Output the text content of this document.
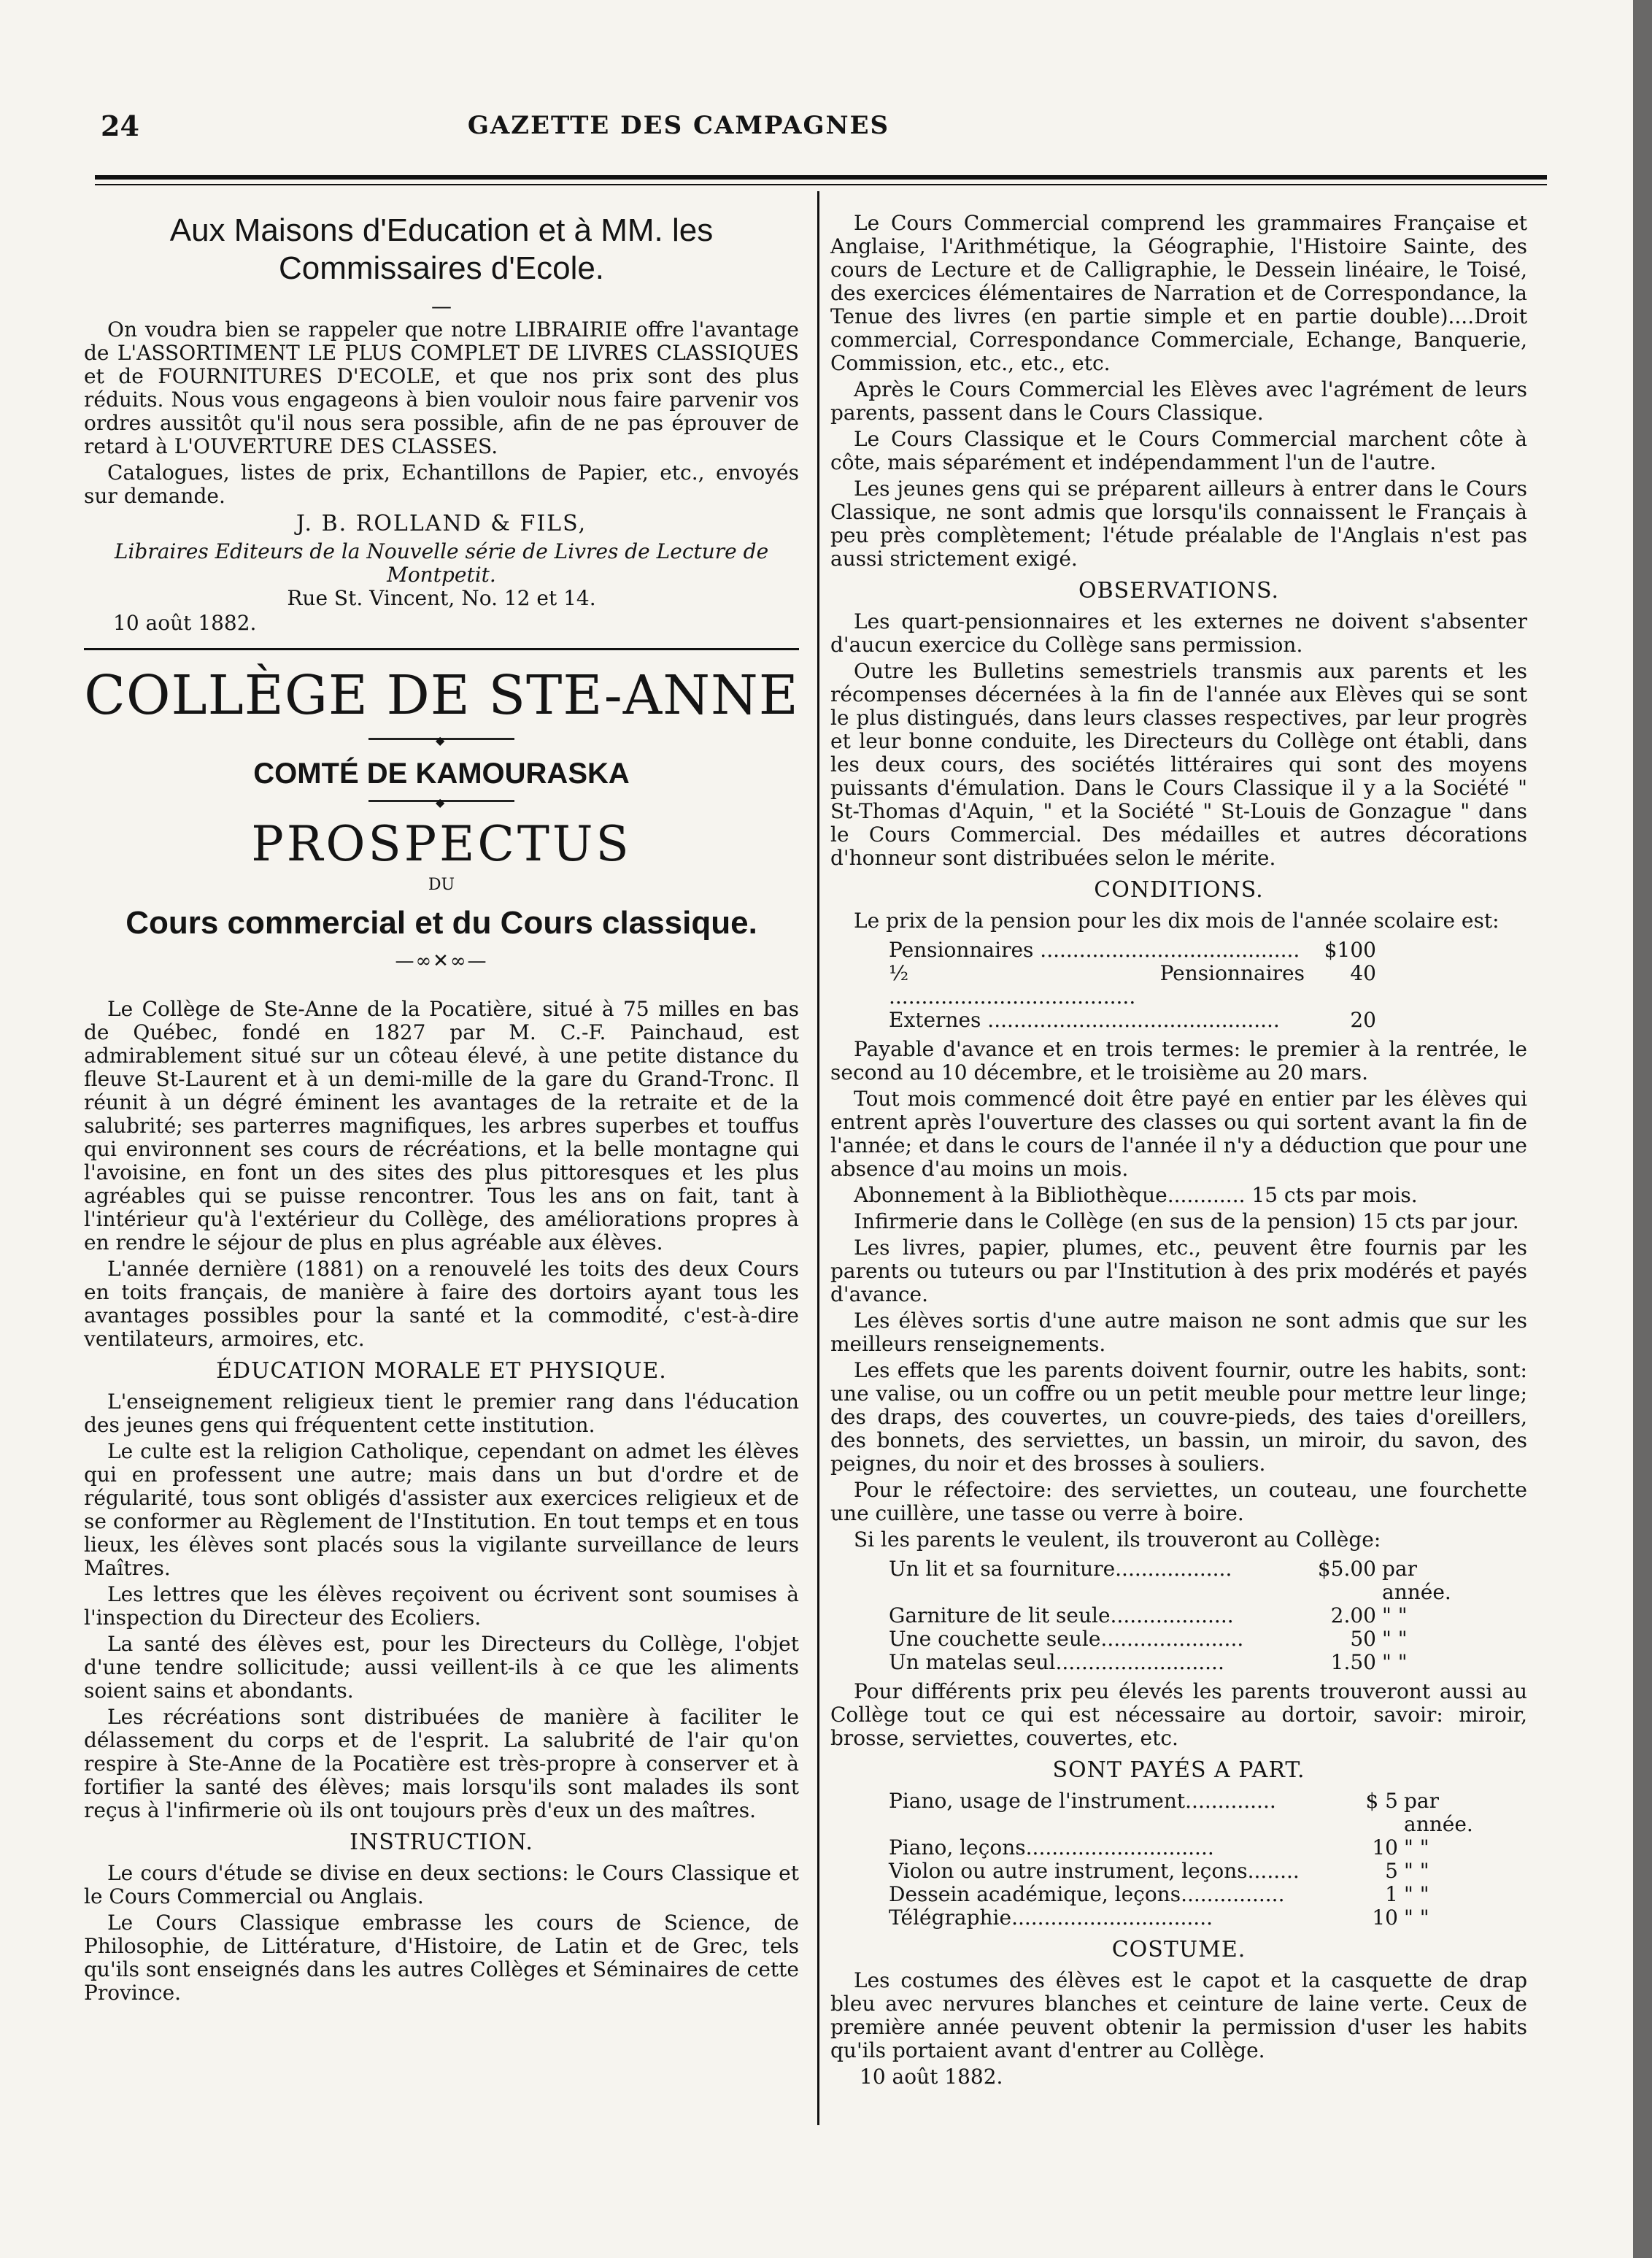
24	GAZETTE DES CAMPAGNES
Aux Maisons d'Education et à MM. les Commissaires d'Ecole.
—

On voudra bien se rappeler que notre LIBRAIRIE offre l'avantage de L'ASSORTIMENT LE PLUS COMPLET DE LIVRES CLASSIQUES et de FOURNITURES D'ECOLE, et que nos prix sont des plus réduits. Nous vous engageons à bien vouloir nous faire parvenir vos ordres aussitôt qu'il nous sera possible, afin de ne pas éprouver de retard à L'OUVERTURE DES CLASSES.

Catalogues, listes de prix, Echantillons de Papier, etc., envoyés sur demande.

J. B. ROLLAND & FILS,
Libraires Editeurs de la Nouvelle série de Livres de Lecture de Montpetit.
Rue St. Vincent, No. 12 et 14.
10 août 1882.
COLLÈGE DE STE-ANNE
◆
COMTÉ DE KAMOURASKA
◆
PROSPECTUS
DU
Cours commercial et du Cours classique.
—∞✕∞—

Le Collège de Ste-Anne de la Pocatière, situé à 75 milles en bas de Québec, fondé en 1827 par M. C.-F. Painchaud, est admirablement situé sur un côteau élevé, à une petite distance du fleuve St-Laurent et à un demi-mille de la gare du Grand-Tronc. Il réunit à un dégré éminent les avantages de la retraite et de la salubrité; ses parterres magnifiques, les arbres superbes et touffus qui environnent ses cours de récréations, et la belle montagne qui l'avoisine, en font un des sites des plus pittoresques et les plus agréables qui se puisse rencontrer. Tous les ans on fait, tant à l'intérieur qu'à l'extérieur du Collège, des améliorations propres à en rendre le séjour de plus en plus agréable aux élèves.

L'année dernière (1881) on a renouvelé les toits des deux Cours en toits français, de manière à faire des dortoirs ayant tous les avantages possibles pour la santé et la commodité, c'est-à-dire ventilateurs, armoires, etc.

ÉDUCATION MORALE ET PHYSIQUE.

L'enseignement religieux tient le premier rang dans l'éducation des jeunes gens qui fréquentent cette institution.

Le culte est la religion Catholique, cependant on admet les élèves qui en professent une autre; mais dans un but d'ordre et de régularité, tous sont obligés d'assister aux exercices religieux et de se conformer au Règlement de l'Institution. En tout temps et en tous lieux, les élèves sont placés sous la vigilante surveillance de leurs Maîtres.

Les lettres que les élèves reçoivent ou écrivent sont soumises à l'inspection du Directeur des Ecoliers.

La santé des élèves est, pour les Directeurs du Collège, l'objet d'une tendre sollicitude; aussi veillent-ils à ce que les aliments soient sains et abondants.

Les récréations sont distribuées de manière à faciliter le délassement du corps et de l'esprit. La salubrité de l'air qu'on respire à Ste-Anne de la Pocatière est très-propre à conserver et à fortifier la santé des élèves; mais lorsqu'ils sont malades ils sont reçus à l'infirmerie où ils ont toujours près d'eux un des maîtres.

INSTRUCTION.

Le cours d'étude se divise en deux sections: le Cours Classique et le Cours Commercial ou Anglais.

Le Cours Classique embrasse les cours de Science, de Philosophie, de Littérature, d'Histoire, de Latin et de Grec, tels qu'ils sont enseignés dans les autres Collèges et Séminaires de cette Province.

Le Cours Commercial comprend les grammaires Française et Anglaise, l'Arithmétique, la Géographie, l'Histoire Sainte, des cours de Lecture et de Calligraphie, le Dessein linéaire, le Toisé, des exercices élémentaires de Narration et de Correspondance, la Tenue des livres (en partie simple et en partie double)....Droit commercial, Correspondance Commerciale, Echange, Banquerie, Commission, etc., etc., etc.

Après le Cours Commercial les Elèves avec l'agrément de leurs parents, passent dans le Cours Classique.

Le Cours Classique et le Cours Commercial marchent côte à côte, mais séparément et indépendamment l'un de l'autre.

Les jeunes gens qui se préparent ailleurs à entrer dans le Cours Classique, ne sont admis que lorsqu'ils connaissent le Français à peu près complètement; l'étude préalable de l'Anglais n'est pas aussi strictement exigé.

OBSERVATIONS.

Les quart-pensionnaires et les externes ne doivent s'absenter d'aucun exercice du Collège sans permission.

Outre les Bulletins semestriels transmis aux parents et les récompenses décernées à la fin de l'année aux Elèves qui se sont le plus distingués, dans leurs classes respectives, par leur progrès et leur bonne conduite, les Directeurs du Collège ont établi, dans les deux cours, des sociétés littéraires qui sont des moyens puissants d'émulation. Dans le Cours Classique il y a la Société " St-Thomas d'Aquin, " et la Société " St-Louis de Gonzague " dans le Cours Commercial. Des médailles et autres décorations d'honneur sont distribuées selon le mérite.

CONDITIONS.

Le prix de la pension pour les dix mois de l'année scolaire est:

Pensionnaires ........................................	$100
½ Pensionnaires ......................................	40
Externes .............................................	20

Payable d'avance et en trois termes: le premier à la rentrée, le second au 10 décembre, et le troisième au 20 mars.

Tout mois commencé doit être payé en entier par les élèves qui entrent après l'ouverture des classes ou qui sortent avant la fin de l'année; et dans le cours de l'année il n'y a déduction que pour une absence d'au moins un mois.

Abonnement à la Bibliothèque............ 15 cts par mois.

Infirmerie dans le Collège (en sus de la pension) 15 cts par jour.

Les livres, papier, plumes, etc., peuvent être fournis par les parents ou tuteurs ou par l'Institution à des prix modérés et payés d'avance.

Les élèves sortis d'une autre maison ne sont admis que sur les meilleurs renseignements.

Les effets que les parents doivent fournir, outre les habits, sont: une valise, ou un coffre ou un petit meuble pour mettre leur linge; des draps, des couvertes, un couvre-pieds, des taies d'oreillers, des bonnets, des serviettes, un bassin, un miroir, du savon, des peignes, du noir et des brosses à souliers.

Pour le réfectoire: des serviettes, un couteau, une fourchette une cuillère, une tasse ou verre à boire.

Si les parents le veulent, ils trouveront au Collège:

Un lit et sa fourniture..................	$5.00	par année.
Garniture de lit seule...................	2.00	" "
Une couchette seule......................	50	" "
Un matelas seul..........................	1.50	" "

Pour différents prix peu élevés les parents trouveront aussi au Collège tout ce qui est nécessaire au dortoir, savoir: miroir, brosse, serviettes, couvertes, etc.

SONT PAYÉS A PART.
Piano, usage de l'instrument..............	$ 5	par année.
Piano, leçons.............................	10	" "
Violon ou autre instrument, leçons........	5	" "
Dessein académique, leçons................	1	" "
Télégraphie...............................	10	" "
COSTUME.

Les costumes des élèves est le capot et la casquette de drap bleu avec nervures blanches et ceinture de laine verte. Ceux de première année peuvent obtenir la permission d'user les habits qu'ils portaient avant d'entrer au Collège.

10 août 1882.
